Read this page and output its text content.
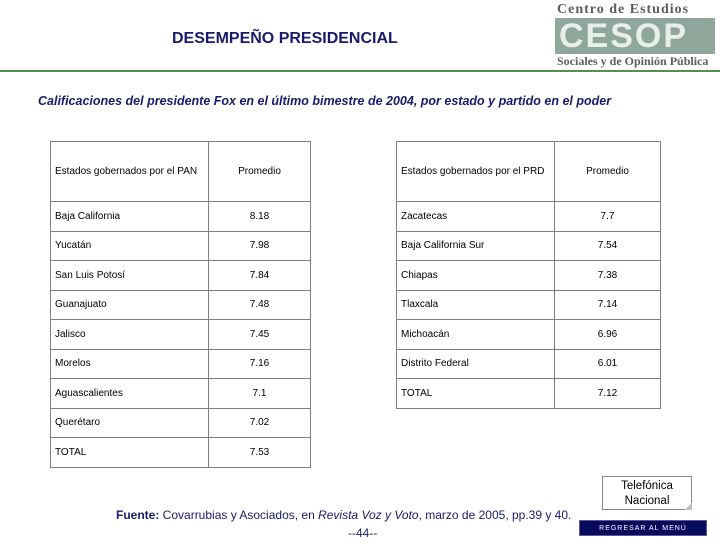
DESEMPEÑO PRESIDENCIAL
Centro de Estudios
CESOP
Sociales y de Opinión Pública
Calificaciones del presidente Fox en el último bimestre de 2004, por estado y partido en el poder
Estados gobernados por el PAN	Promedio
Baja California	8.18
Yucatán	7.98
San Luis Potosí	7.84
Guanajuato	7.48
Jalisco	7.45
Morelos	7.16
Aguascalientes	7.1
Querétaro	7.02
TOTAL	7.53
Estados gobernados por el PRD	Promedio
Zacatecas	7.7
Baja California Sur	7.54
Chiapas	7.38
Tlaxcala	7.14
Michoacán	6.96
Distrito Federal	6.01
TOTAL	7.12
Telefónica
Nacional
Fuente: Covarrubias y Asociados, en Revista Voz y Voto, marzo de 2005, pp.39 y 40.
--44--	REGRESAR AL MENÚ PRINCIPAL
